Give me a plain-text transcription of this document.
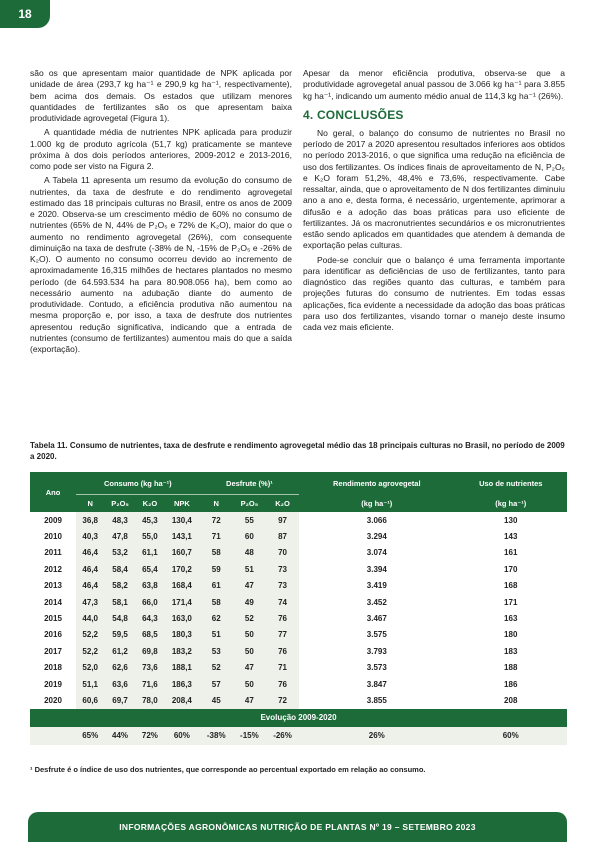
18

são os que apresentam maior quantidade de NPK aplicada por unidade de área (293,7 kg ha⁻¹ e 290,9 kg ha⁻¹, respectivamente), bem acima dos demais. Os estados que utilizam menores quantidades de fertilizantes são os que apresentam baixa produtividade agrovegetal (Figura 1).

A quantidade média de nutrientes NPK aplicada para produzir 1.000 kg de produto agrícola (51,7 kg) praticamente se manteve próxima à dos dois períodos anteriores, 2009-2012 e 2013-2016, como pode ser visto na Figura 2.

A Tabela 11 apresenta um resumo da evolução do consumo de nutrientes, da taxa de desfrute e do rendimento agrovegetal estimado das 18 principais culturas no Brasil, entre os anos de 2009 e 2020. Observa-se um crescimento médio de 60% no consumo de nutrientes (65% de N, 44% de P₂O₅ e 72% de K₂O), maior do que o aumento no rendimento agrovegetal (26%), com consequente diminuição na taxa de desfrute (-38% de N, -15% de P₂O₅ e -26% de K₂O). O aumento no consumo ocorreu devido ao incremento de aproximadamente 16,315 milhões de hectares plantados no mesmo período (de 64.593.534 ha para 80.908.056 ha), bem como ao necessário aumento na adubação diante do aumento de produtividade. Contudo, a eficiência produtiva não aumentou na mesma proporção e, por isso, a taxa de desfrute dos nutrientes apresentou redução significativa, indicando que a entrada de nutrientes (consumo de fertilizantes) aumentou mais do que a saída (exportação).

Apesar da menor eficiência produtiva, observa-se que a produtividade agrovegetal anual passou de 3.066 kg ha⁻¹ para 3.855 kg ha⁻¹, indicando um aumento médio anual de 114,3 kg ha⁻¹ (26%).

4. CONCLUSÕES

No geral, o balanço do consumo de nutrientes no Brasil no período de 2017 a 2020 apresentou resultados inferiores aos obtidos no período 2013-2016, o que significa uma redução na eficiência de uso dos fertilizantes. Os índices finais de aproveitamento de N, P₂O₅ e K₂O foram 51,2%, 48,4% e 73,6%, respectivamente. Cabe ressaltar, ainda, que o aproveitamento de N dos fertilizantes diminuiu ano a ano e, desta forma, é necessário, urgentemente, aprimorar a difusão e a adoção das boas práticas para uso eficiente de fertilizantes. Já os macronutrientes secundários e os micronutrientes estão sendo aplicados em quantidades que atendem à demanda de exportação pelas culturas.

Pode-se concluir que o balanço é uma ferramenta importante para identificar as deficiências de uso de fertilizantes, tanto para diagnóstico das regiões quanto das culturas, e também para projeções futuras do consumo de nutrientes. Em todas essas aplicações, fica evidente a necessidade da adoção das boas práticas para uso dos fertilizantes, visando tornar o manejo deste insumo cada vez mais eficiente.

Tabela 11. Consumo de nutrientes, taxa de desfrute e rendimento agrovegetal médio das 18 principais culturas no Brasil, no período de 2009 a 2020.
Ano	Consumo (kg ha⁻¹)				Desfrute (%)¹			Rendimento agrovegetal	Uso de nutrientes
	N	P₂O₅	K₂O	NPK	N	P₂O₅	K₂O	(kg ha⁻¹)	(kg ha⁻¹)
2009	36,8	48,3	45,3	130,4	72	55	97	3.066	130
2010	40,3	47,8	55,0	143,1	71	60	87	3.294	143
2011	46,4	53,2	61,1	160,7	58	48	70	3.074	161
2012	46,4	58,4	65,4	170,2	59	51	73	3.394	170
2013	46,4	58,2	63,8	168,4	61	47	73	3.419	168
2014	47,3	58,1	66,0	171,4	58	49	74	3.452	171
2015	44,0	54,8	64,3	163,0	62	52	76	3.467	163
2016	52,2	59,5	68,5	180,3	51	50	77	3.575	180
2017	52,2	61,2	69,8	183,2	53	50	76	3.793	183
2018	52,0	62,6	73,6	188,1	52	47	71	3.573	188
2019	51,1	63,6	71,6	186,3	57	50	76	3.847	186
2020	60,6	69,7	78,0	208,4	45	47	72	3.855	208
Evolução 2009-2020									
	65%	44%	72%	60%	-38%	-15%	-26%	26%	60%
¹ Desfrute é o índice de uso dos nutrientes, que corresponde ao percentual exportado em relação ao consumo.
INFORMAÇÕES AGRONÔMICAS NUTRIÇÃO DE PLANTAS Nº 19 – SETEMBRO 2023
